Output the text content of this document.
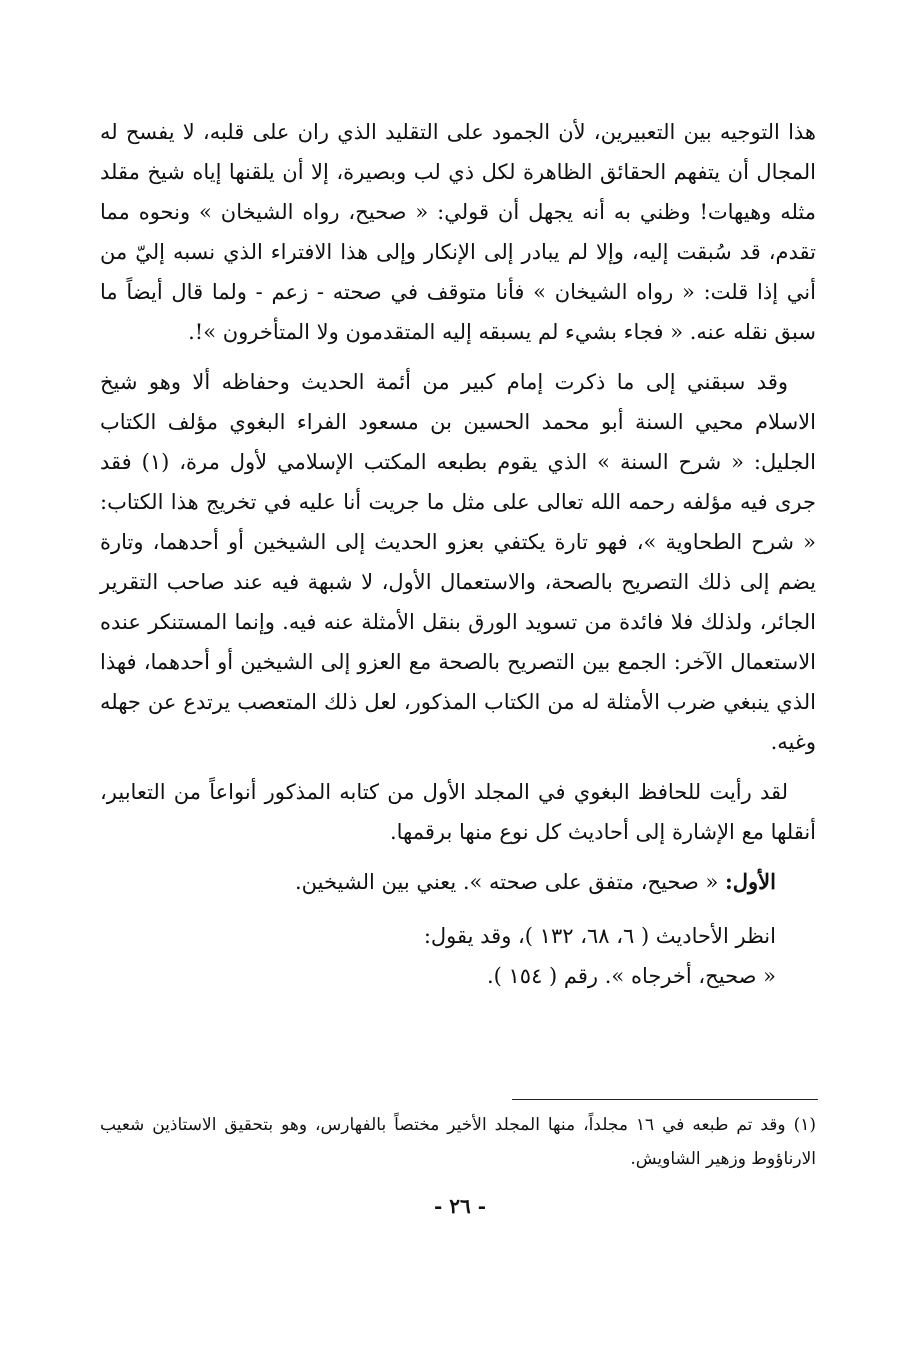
هذا التوجيه بين التعبيرين، لأن الجمود على التقليد الذي ران على قلبه، لا يفسح له المجال أن يتفهم الحقائق الظاهرة لكل ذي لب وبصيرة، إلا أن يلقنها إياه شيخ مقلد مثله وهيهات! وظني به أنه يجهل أن قولي: « صحيح، رواه الشيخان » ونحوه مما تقدم، قد سُبقت إليه، وإلا لم يبادر إلى الإنكار وإلى هذا الافتراء الذي نسبه إليّ من أني إذا قلت: « رواه الشيخان » فأنا متوقف في صحته - زعم - ولما قال أيضاً ما سبق نقله عنه. « فجاء بشيء لم يسبقه إليه المتقدمون ولا المتأخرون »!.

وقد سبقني إلى ما ذكرت إمام كبير من أئمة الحديث وحفاظه ألا وهو شيخ الاسلام محيي السنة أبو محمد الحسين بن مسعود الفراء البغوي مؤلف الكتاب الجليل: « شرح السنة » الذي يقوم بطبعه المكتب الإسلامي لأول مرة، (١) فقد جرى فيه مؤلفه رحمه الله تعالى على مثل ما جريت أنا عليه في تخريج هذا الكتاب: « شرح الطحاوية »، فهو تارة يكتفي بعزو الحديث إلى الشيخين أو أحدهما، وتارة يضم إلى ذلك التصريح بالصحة، والاستعمال الأول، لا شبهة فيه عند صاحب التقرير الجائر، ولذلك فلا فائدة من تسويد الورق بنقل الأمثلة عنه فيه. وإنما المستنكر عنده الاستعمال الآخر: الجمع بين التصريح بالصحة مع العزو إلى الشيخين أو أحدهما، فهذا الذي ينبغي ضرب الأمثلة له من الكتاب المذكور، لعل ذلك المتعصب يرتدع عن جهله وغيه.

لقد رأيت للحافظ البغوي في المجلد الأول من كتابه المذكور أنواعاً من التعابير، أنقلها مع الإشارة إلى أحاديث كل نوع منها برقمها.

الأول: « صحيح، متفق على صحته ». يعني بين الشيخين.

انظر الأحاديث ( ٦، ٦٨، ١٣٢ )، وقد يقول:

« صحيح، أخرجاه ». رقم ( ١٥٤ ).

(١) وقد تم طبعه في ١٦ مجلداً، منها المجلد الأخير مختصاً بالفهارس، وهو بتحقيق الاستاذين شعيب الارناؤوط وزهير الشاويش.
- ٢٦ -
